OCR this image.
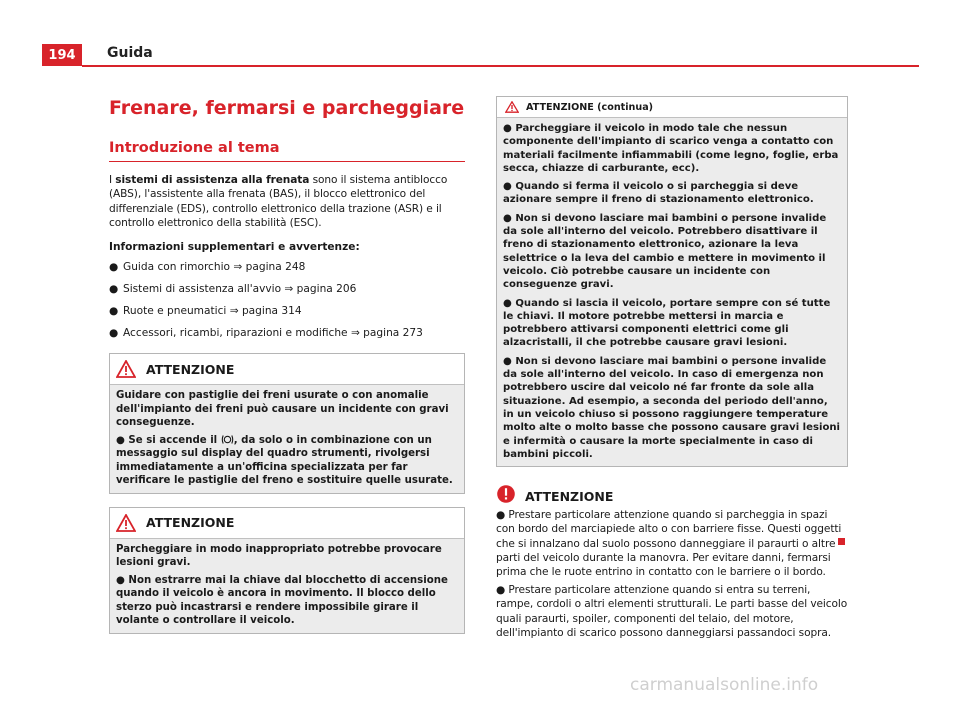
194	Guida
Frenare, fermarsi e parcheggiare
Introduzione al tema

I sistemi di assistenza alla frenata sono il sistema antibloccо (ABS), l'assistente alla frenata (BAS), il blocco elettronico del differenziale (EDS), controllo elettronico della trazione (ASR) e il controllo elettronico della stabilità (ESC).

Informazioni supplementari e avvertenze:

● Guida con rimorchio ⇒ pagina 248
● Sistemi di assistenza all'avvio ⇒ pagina 206
● Ruote e pneumatici ⇒ pagina 314
● Accessori, ricambi, riparazioni e modifiche ⇒ pagina 273
ATTENZIONE

Guidare con pastiglie dei freni usurate o con anomalie dell'impianto dei freni può causare un incidente con gravi conseguenze.

● Se si accende il
, da solo o in combinazione con un messaggio sul display del quadro strumenti, rivolgersi immediatamente a un'officina specializzata per far verificare le pastiglie del freno e sostituire quelle usurate.

ATTENZIONE

Parcheggiare in modo inappropriato potrebbe provocare lesioni gravi.

● Non estrarre mai la chiave dal blocchetto di accensione quando il veicolo è ancora in movimento. Il blocco dello sterzo può incastrarsi e rendere impossibile girare il volante o controllare il veicolo.

ATTENZIONE (continua)

● Parcheggiare il veicolo in modo tale che nessun componente dell'impianto di scarico venga a contatto con materiali facilmente infiammabili (come legno, foglie, erba secca, chiazze di carburante, ecc).

● Quando si ferma il veicolo o si parcheggia si deve azionare sempre il freno di stazionamento elettronico.

● Non si devono lasciare mai bambini o persone invalide da sole all'interno del veicolo. Potrebbero disattivare il freno di stazionamento elettronico, azionare la leva selettrice o la leva del cambio e mettere in movimento il veicolo. Ciò potrebbe causare un incidente con conseguenze gravi.

● Quando si lascia il veicolo, portare sempre con sé tutte le chiavi. Il motore potrebbe mettersi in marcia e potrebbero attivarsi componenti elettrici come gli alzacristalli, il che potrebbe causare gravi lesioni.

● Non si devono lasciare mai bambini o persone invalide da sole all'interno del veicolo. In caso di emergenza non potrebbero uscire dal veicolo né far fronte da sole alla situazione. Ad esempio, a seconda del periodo dell'anno, in un veicolo chiuso si possono raggiungere temperature molto alte o molto basse che possono causare gravi lesioni e infermità o causare la morte specialmente in caso di bambini piccoli.

ATTENZIONE

● Prestare particolare attenzione quando si parcheggia in spazi con bordo del marciapiede alto o con barriere fisse. Questi oggetti che si innalzano dal suolo possono danneggiare il paraurti o altre parti del veicolo durante la manovra. Per evitare danni, fermarsi prima che le ruote entrino in contatto con le barriere o il bordo.

● Prestare particolare attenzione quando si entra su terreni, rampe, cordoli o altri elementi strutturali. Le parti basse del veicolo quali paraurti, spoiler, componenti del telaio, del motore, dell'impianto di scarico possono danneggiarsi passandoci sopra.

carmanualsonline.info
